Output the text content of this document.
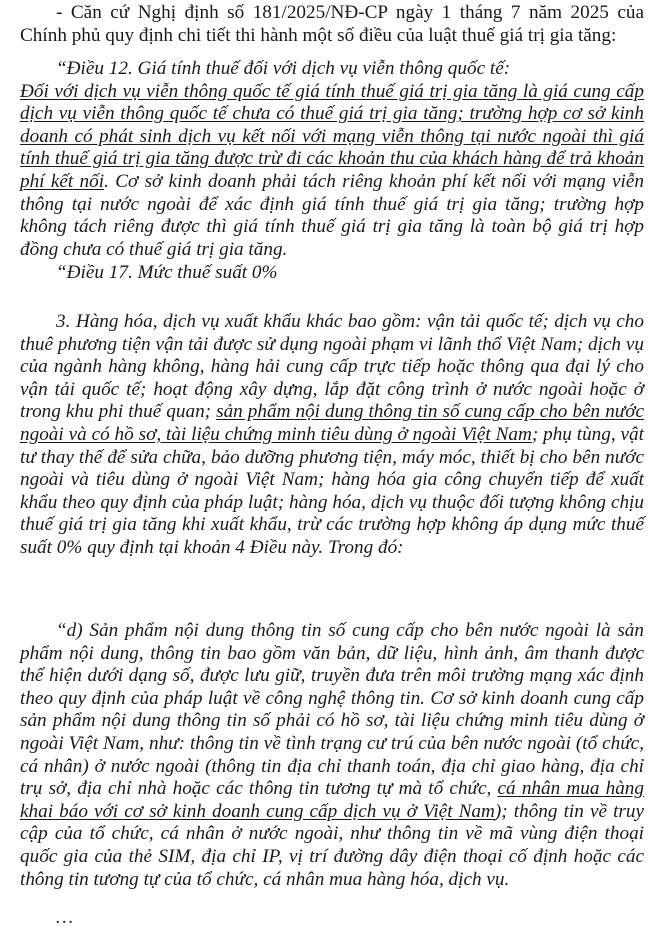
- Căn cứ Nghị định số 181/2025/NĐ-CP ngày 1 tháng 7 năm 2025 của Chính phủ quy định chi tiết thi hành một số điều của luật thuế giá trị gia tăng:

“Điều 12. Giá tính thuế đối với dịch vụ viễn thông quốc tế:
Đối với dịch vụ viễn thông quốc tế giá tính thuế giá trị gia tăng là giá cung cấp dịch vụ viễn thông quốc tế chưa có thuế giá trị gia tăng; trường hợp cơ sở kinh doanh có phát sinh dịch vụ kết nối với mạng viễn thông tại nước ngoài thì giá tính thuế giá trị gia tăng được trừ đi các khoản thu của khách hàng để trả khoản phí kết nối. Cơ sở kinh doanh phải tách riêng khoản phí kết nối với mạng viễn thông tại nước ngoài để xác định giá tính thuế giá trị gia tăng; trường hợp không tách riêng được thì giá tính thuế giá trị gia tăng là toàn bộ giá trị hợp đồng chưa có thuế giá trị gia tăng.

“Điều 17. Mức thuế suất 0%

3. Hàng hóa, dịch vụ xuất khẩu khác bao gồm: vận tải quốc tế; dịch vụ cho thuê phương tiện vận tải được sử dụng ngoài phạm vi lãnh thổ Việt Nam; dịch vụ của ngành hàng không, hàng hải cung cấp trực tiếp hoặc thông qua đại lý cho vận tải quốc tế; hoạt động xây dựng, lắp đặt công trình ở nước ngoài hoặc ở trong khu phi thuế quan; sản phẩm nội dung thông tin số cung cấp cho bên nước ngoài và có hồ sơ, tài liệu chứng minh tiêu dùng ở ngoài Việt Nam; phụ tùng, vật tư thay thế để sửa chữa, bảo dưỡng phương tiện, máy móc, thiết bị cho bên nước ngoài và tiêu dùng ở ngoài Việt Nam; hàng hóa gia công chuyển tiếp để xuất khẩu theo quy định của pháp luật; hàng hóa, dịch vụ thuộc đối tượng không chịu thuế giá trị gia tăng khi xuất khẩu, trừ các trường hợp không áp dụng mức thuế suất 0% quy định tại khoản 4 Điều này. Trong đó:

“d) Sản phẩm nội dung thông tin số cung cấp cho bên nước ngoài là sản phẩm nội dung, thông tin bao gồm văn bản, dữ liệu, hình ảnh, âm thanh được thể hiện dưới dạng số, được lưu giữ, truyền đưa trên môi trường mạng xác định theo quy định của pháp luật về công nghệ thông tin. Cơ sở kinh doanh cung cấp sản phẩm nội dung thông tin số phải có hồ sơ, tài liệu chứng minh tiêu dùng ở ngoài Việt Nam, như: thông tin về tình trạng cư trú của bên nước ngoài (tổ chức, cá nhân) ở nước ngoài (thông tin địa chỉ thanh toán, địa chỉ giao hàng, địa chỉ trụ sở, địa chỉ nhà hoặc các thông tin tương tự mà tổ chức, cá nhân mua hàng khai báo với cơ sở kinh doanh cung cấp dịch vụ ở Việt Nam); thông tin về truy cập của tổ chức, cá nhân ở nước ngoài, như thông tin về mã vùng điện thoại quốc gia của thẻ SIM, địa chỉ IP, vị trí đường dây điện thoại cố định hoặc các thông tin tương tự của tổ chức, cá nhân mua hàng hóa, dịch vụ.

…
